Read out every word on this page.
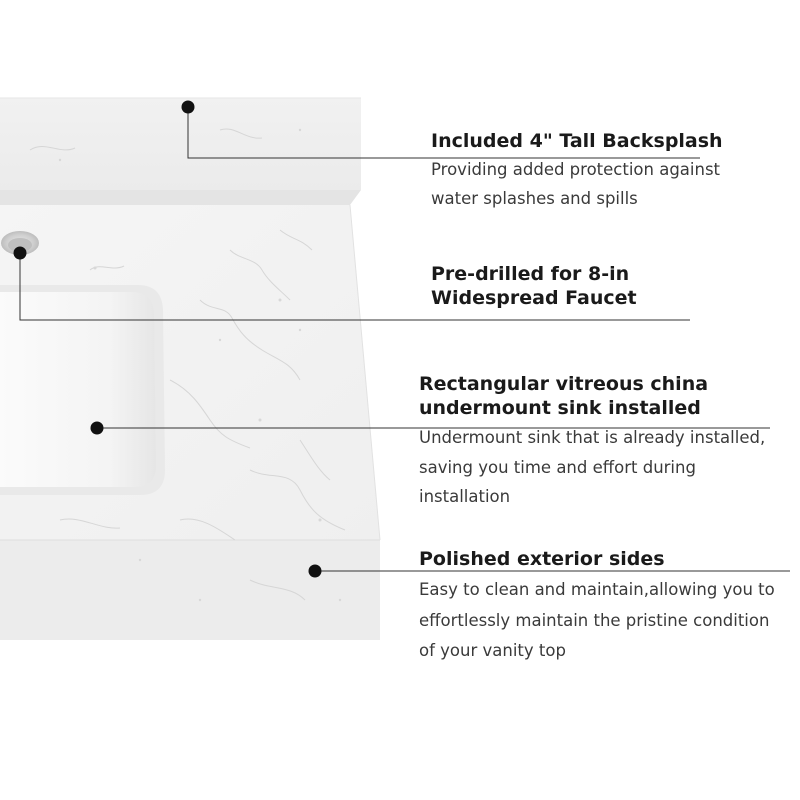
Included 4" Tall Backsplash

Providing added protection against

water splashes and spills

Pre-drilled for 8-in

Widespread Faucet

Rectangular vitreous china

undermount sink installed

Undermount sink that is already installed,

saving you time and effort during

installation

Polished exterior sides

Easy to clean and maintain,allowing you to

effortlessly maintain the pristine condition

of your vanity top
